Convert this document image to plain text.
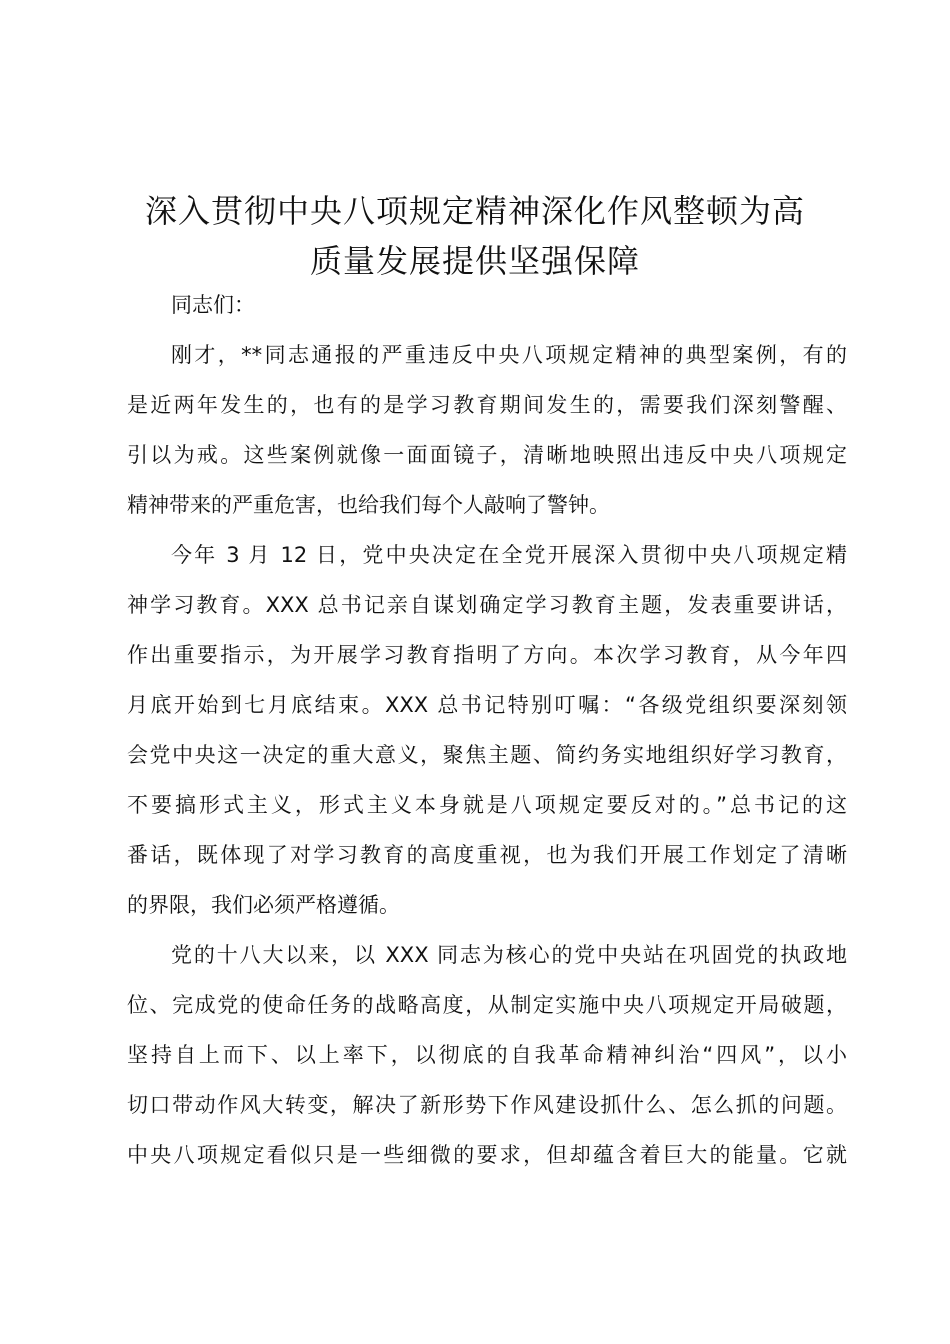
深入贯彻中央八项规定精神深化作风整顿为高
质量发展提供坚强保障
同志们：
刚才，**同志通报的严重违反中央八项规定精神的典型案例，有的
是近两年发生的，也有的是学习教育期间发生的，需要我们深刻警醒、
引以为戒。这些案例就像一面面镜子，清晰地映照出违反中央八项规定
精神带来的严重危害，也给我们每个人敲响了警钟。
今年 3 月 12 日，党中央决定在全党开展深入贯彻中央八项规定精
神学习教育。XXX 总书记亲自谋划确定学习教育主题，发表重要讲话，
作出重要指示，为开展学习教育指明了方向。本次学习教育，从今年四
月底开始到七月底结束。XXX 总书记特别叮嘱：“各级党组织要深刻领
会党中央这一决定的重大意义，聚焦主题、简约务实地组织好学习教育，
不要搞形式主义，形式主义本身就是八项规定要反对的。”总书记的这
番话，既体现了对学习教育的高度重视，也为我们开展工作划定了清晰
的界限，我们必须严格遵循。
党的十八大以来，以 XXX 同志为核心的党中央站在巩固党的执政地
位、完成党的使命任务的战略高度，从制定实施中央八项规定开局破题，
坚持自上而下、以上率下，以彻底的自我革命精神纠治“四风”，以小
切口带动作风大转变，解决了新形势下作风建设抓什么、怎么抓的问题。
中央八项规定看似只是一些细微的要求，但却蕴含着巨大的能量。它就
